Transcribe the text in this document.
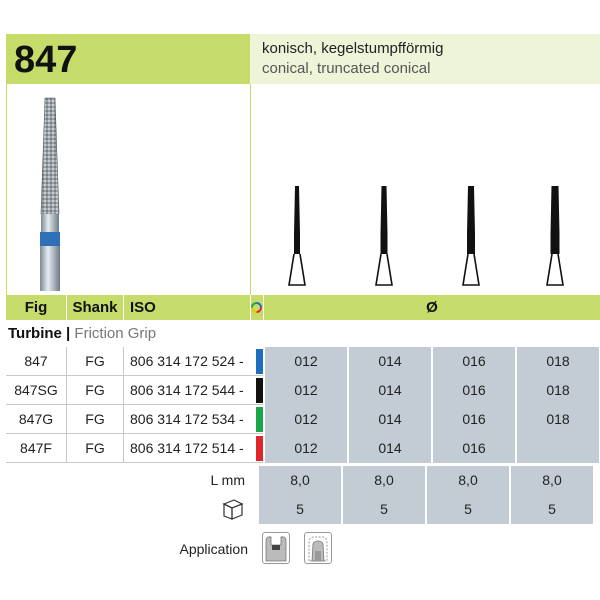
847	konisch, kegelstumpfförmig
conical, truncated conical
Fig	Shank ISO	Ø
Turbine | Friction Grip
847	FG	806 314 172 524 -	012	014	016	018
847SG	FG	806 314 172 544 -	012	014	016	018
847G	FG	806 314 172 534 -	012	014	016	018
847F	FG	806 314 172 514 -	012	014	016
L mm	8,0	8,0	8,0	8,0
5	5	5	5
Application
